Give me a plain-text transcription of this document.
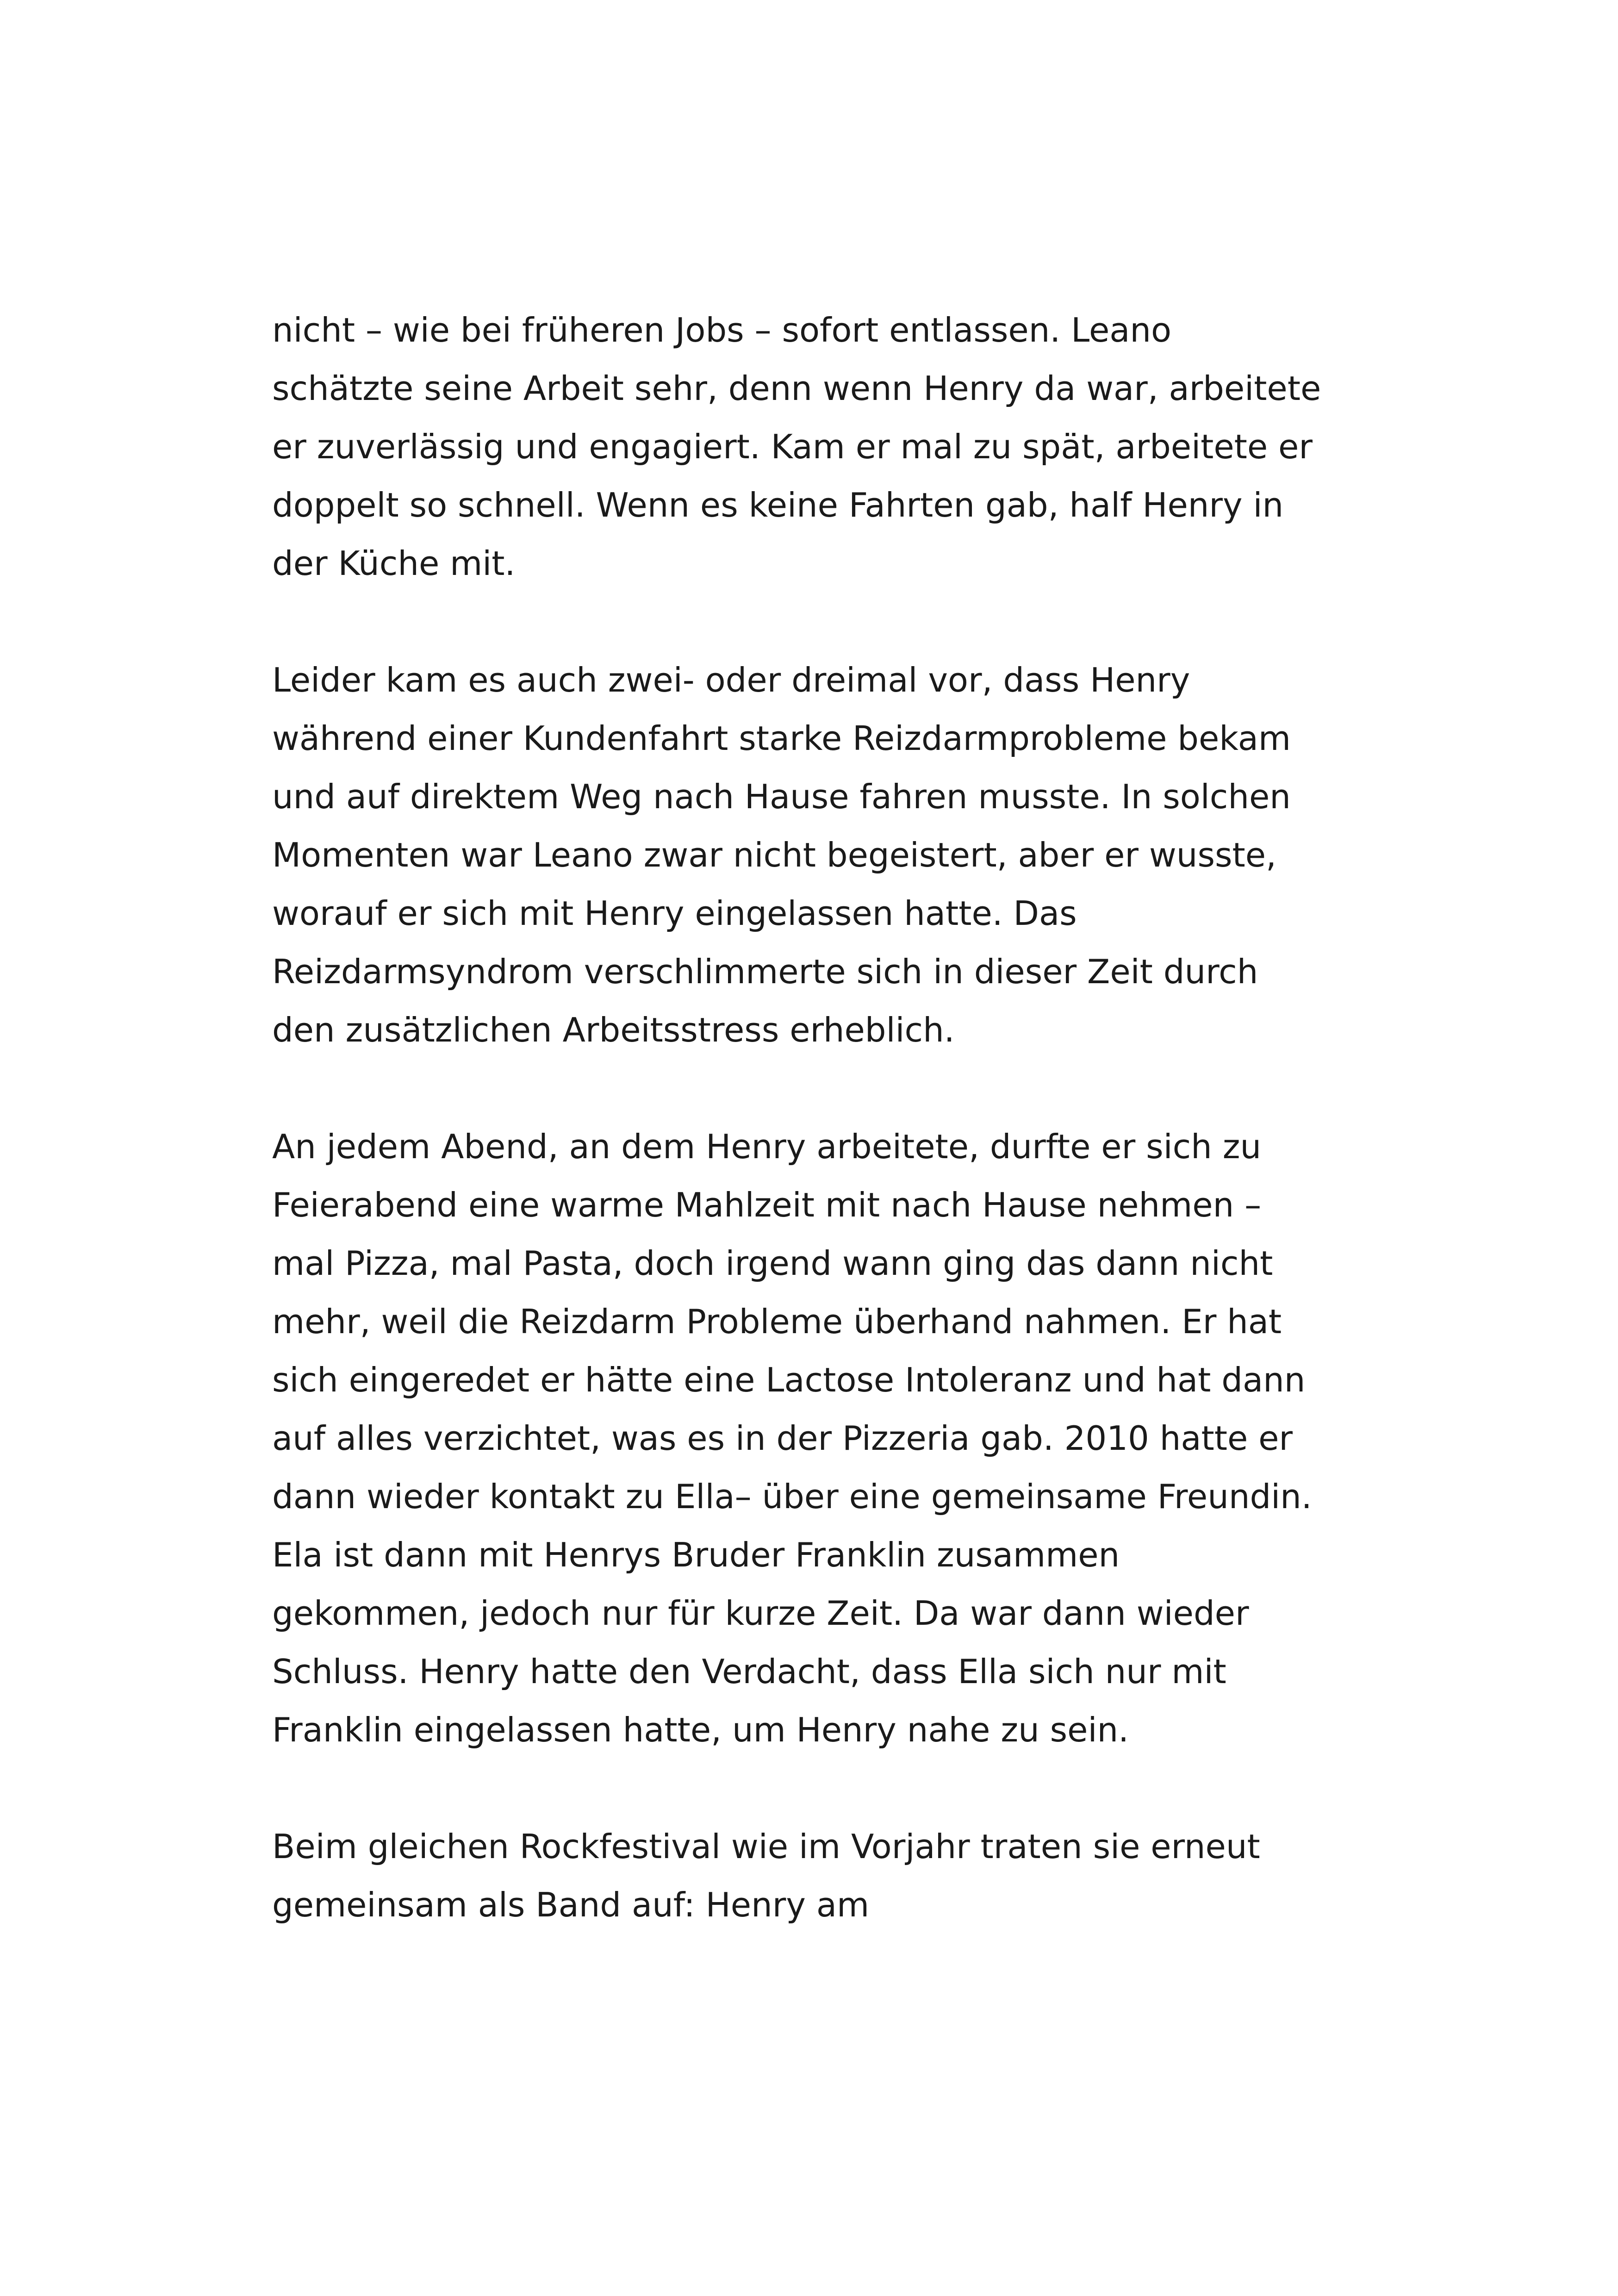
nicht – wie bei früheren Jobs – sofort entlassen. Leano
schätzte seine Arbeit sehr, denn wenn Henry da war, arbeitete
er zuverlässig und engagiert. Kam er mal zu spät, arbeitete er
doppelt so schnell. Wenn es keine Fahrten gab, half Henry in
der Küche mit.
Leider kam es auch zwei- oder dreimal vor, dass Henry
während einer Kundenfahrt starke Reizdarmprobleme bekam
und auf direktem Weg nach Hause fahren musste. In solchen
Momenten war Leano zwar nicht begeistert, aber er wusste,
worauf er sich mit Henry eingelassen hatte. Das
Reizdarmsyndrom verschlimmerte sich in dieser Zeit durch
den zusätzlichen Arbeitsstress erheblich.
An jedem Abend, an dem Henry arbeitete, durfte er sich zu
Feierabend eine warme Mahlzeit mit nach Hause nehmen –
mal Pizza, mal Pasta, doch irgend wann ging das dann nicht
mehr, weil die Reizdarm Probleme überhand nahmen. Er hat
sich eingeredet er hätte eine Lactose Intoleranz und hat dann
auf alles verzichtet, was es in der Pizzeria gab. 2010 hatte er
dann wieder kontakt zu Ella– über eine gemeinsame Freundin.
Ela ist dann mit Henrys Bruder Franklin zusammen
gekommen, jedoch nur für kurze Zeit. Da war dann wieder
Schluss. Henry hatte den Verdacht, dass Ella sich nur mit
Franklin eingelassen hatte, um Henry nahe zu sein.
Beim gleichen Rockfestival wie im Vorjahr traten sie erneut
gemeinsam als Band auf: Henry am
